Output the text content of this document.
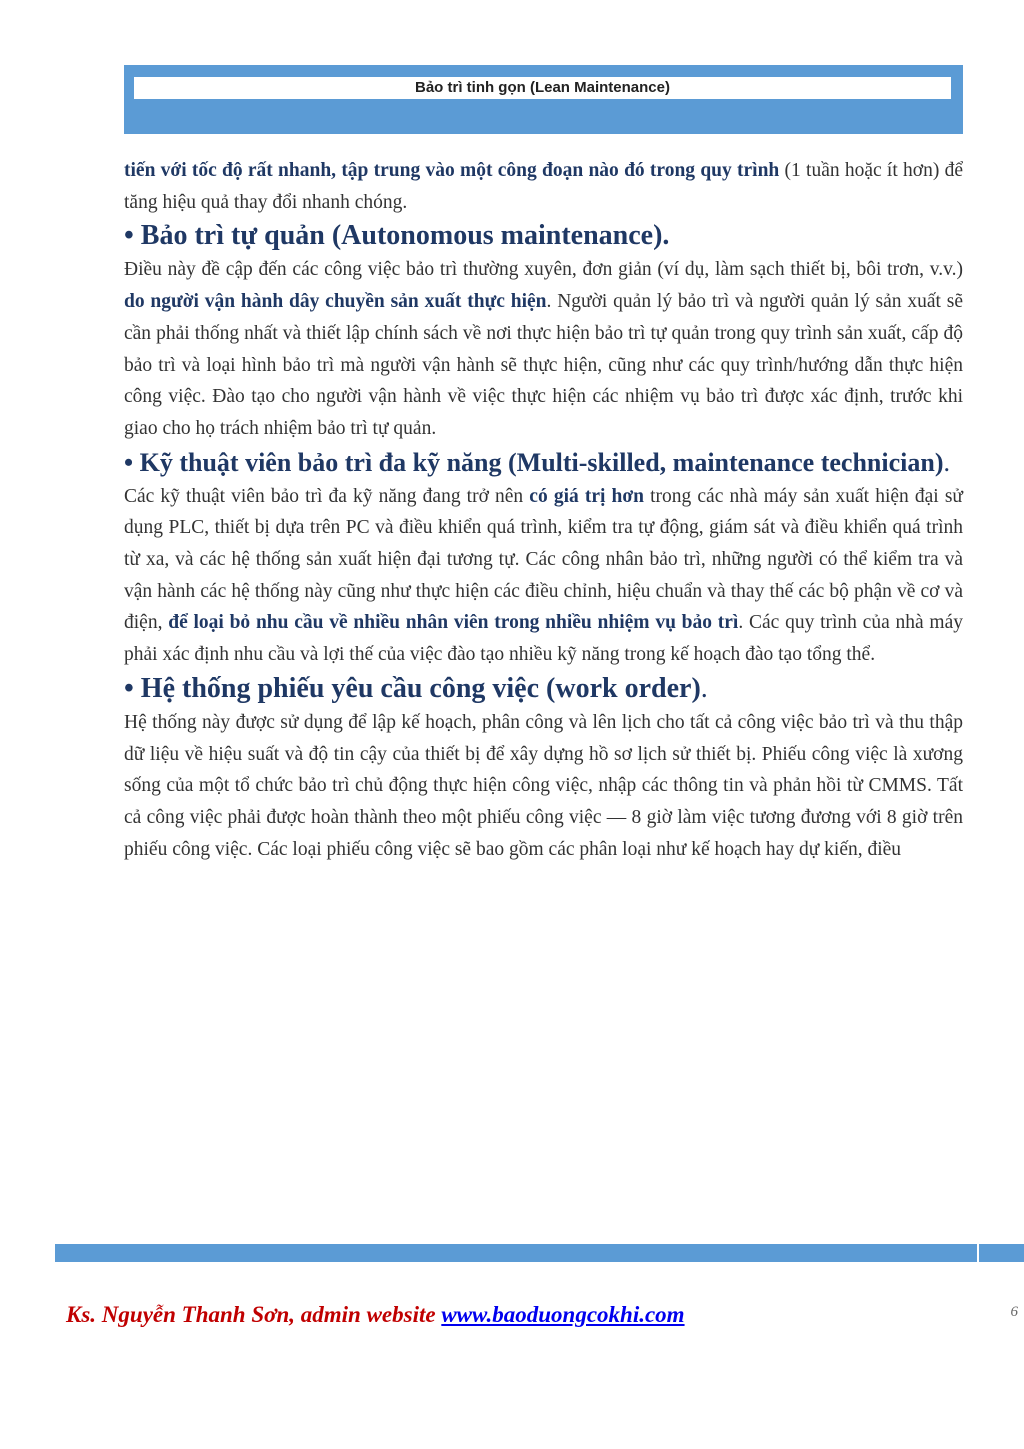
Bảo trì tinh gọn (Lean Maintenance)

tiến với tốc độ rất nhanh, tập trung vào một công đoạn nào đó trong quy trình (1 tuần hoặc ít hơn) để tăng hiệu quả thay đổi nhanh chóng.

• Bảo trì tự quản (Autonomous maintenance).

Điều này đề cập đến các công việc bảo trì thường xuyên, đơn giản (ví dụ, làm sạch thiết bị, bôi trơn, v.v.) do người vận hành dây chuyền sản xuất thực hiện. Người quản lý bảo trì và người quản lý sản xuất sẽ cần phải thống nhất và thiết lập chính sách về nơi thực hiện bảo trì tự quản trong quy trình sản xuất, cấp độ bảo trì và loại hình bảo trì mà người vận hành sẽ thực hiện, cũng như các quy trình/hướng dẫn thực hiện công việc. Đào tạo cho người vận hành về việc thực hiện các nhiệm vụ bảo trì được xác định, trước khi giao cho họ trách nhiệm bảo trì tự quản.

• Kỹ thuật viên bảo trì đa kỹ năng (Multi-skilled, maintenance technician).

Các kỹ thuật viên bảo trì đa kỹ năng đang trở nên có giá trị hơn trong các nhà máy sản xuất hiện đại sử dụng PLC, thiết bị dựa trên PC và điều khiển quá trình, kiểm tra tự động, giám sát và điều khiển quá trình từ xa, và các hệ thống sản xuất hiện đại tương tự. Các công nhân bảo trì, những người có thể kiểm tra và vận hành các hệ thống này cũng như thực hiện các điều chỉnh, hiệu chuẩn và thay thế các bộ phận về cơ và điện, để loại bỏ nhu cầu về nhiều nhân viên trong nhiều nhiệm vụ bảo trì. Các quy trình của nhà máy phải xác định nhu cầu và lợi thế của việc đào tạo nhiều kỹ năng trong kế hoạch đào tạo tổng thể.

• Hệ thống phiếu yêu cầu công việc (work order).

Hệ thống này được sử dụng để lập kế hoạch, phân công và lên lịch cho tất cả công việc bảo trì và thu thập dữ liệu về hiệu suất và độ tin cậy của thiết bị để xây dựng hồ sơ lịch sử thiết bị. Phiếu công việc là xương sống của một tổ chức bảo trì chủ động thực hiện công việc, nhập các thông tin và phản hồi từ CMMS. Tất cả công việc phải được hoàn thành theo một phiếu công việc — 8 giờ làm việc tương đương với 8 giờ trên phiếu công việc. Các loại phiếu công việc sẽ bao gồm các phân loại như kế hoạch hay dự kiến, điều

Ks. Nguyễn Thanh Sơn, admin website www.baoduongcokhi.com	6
